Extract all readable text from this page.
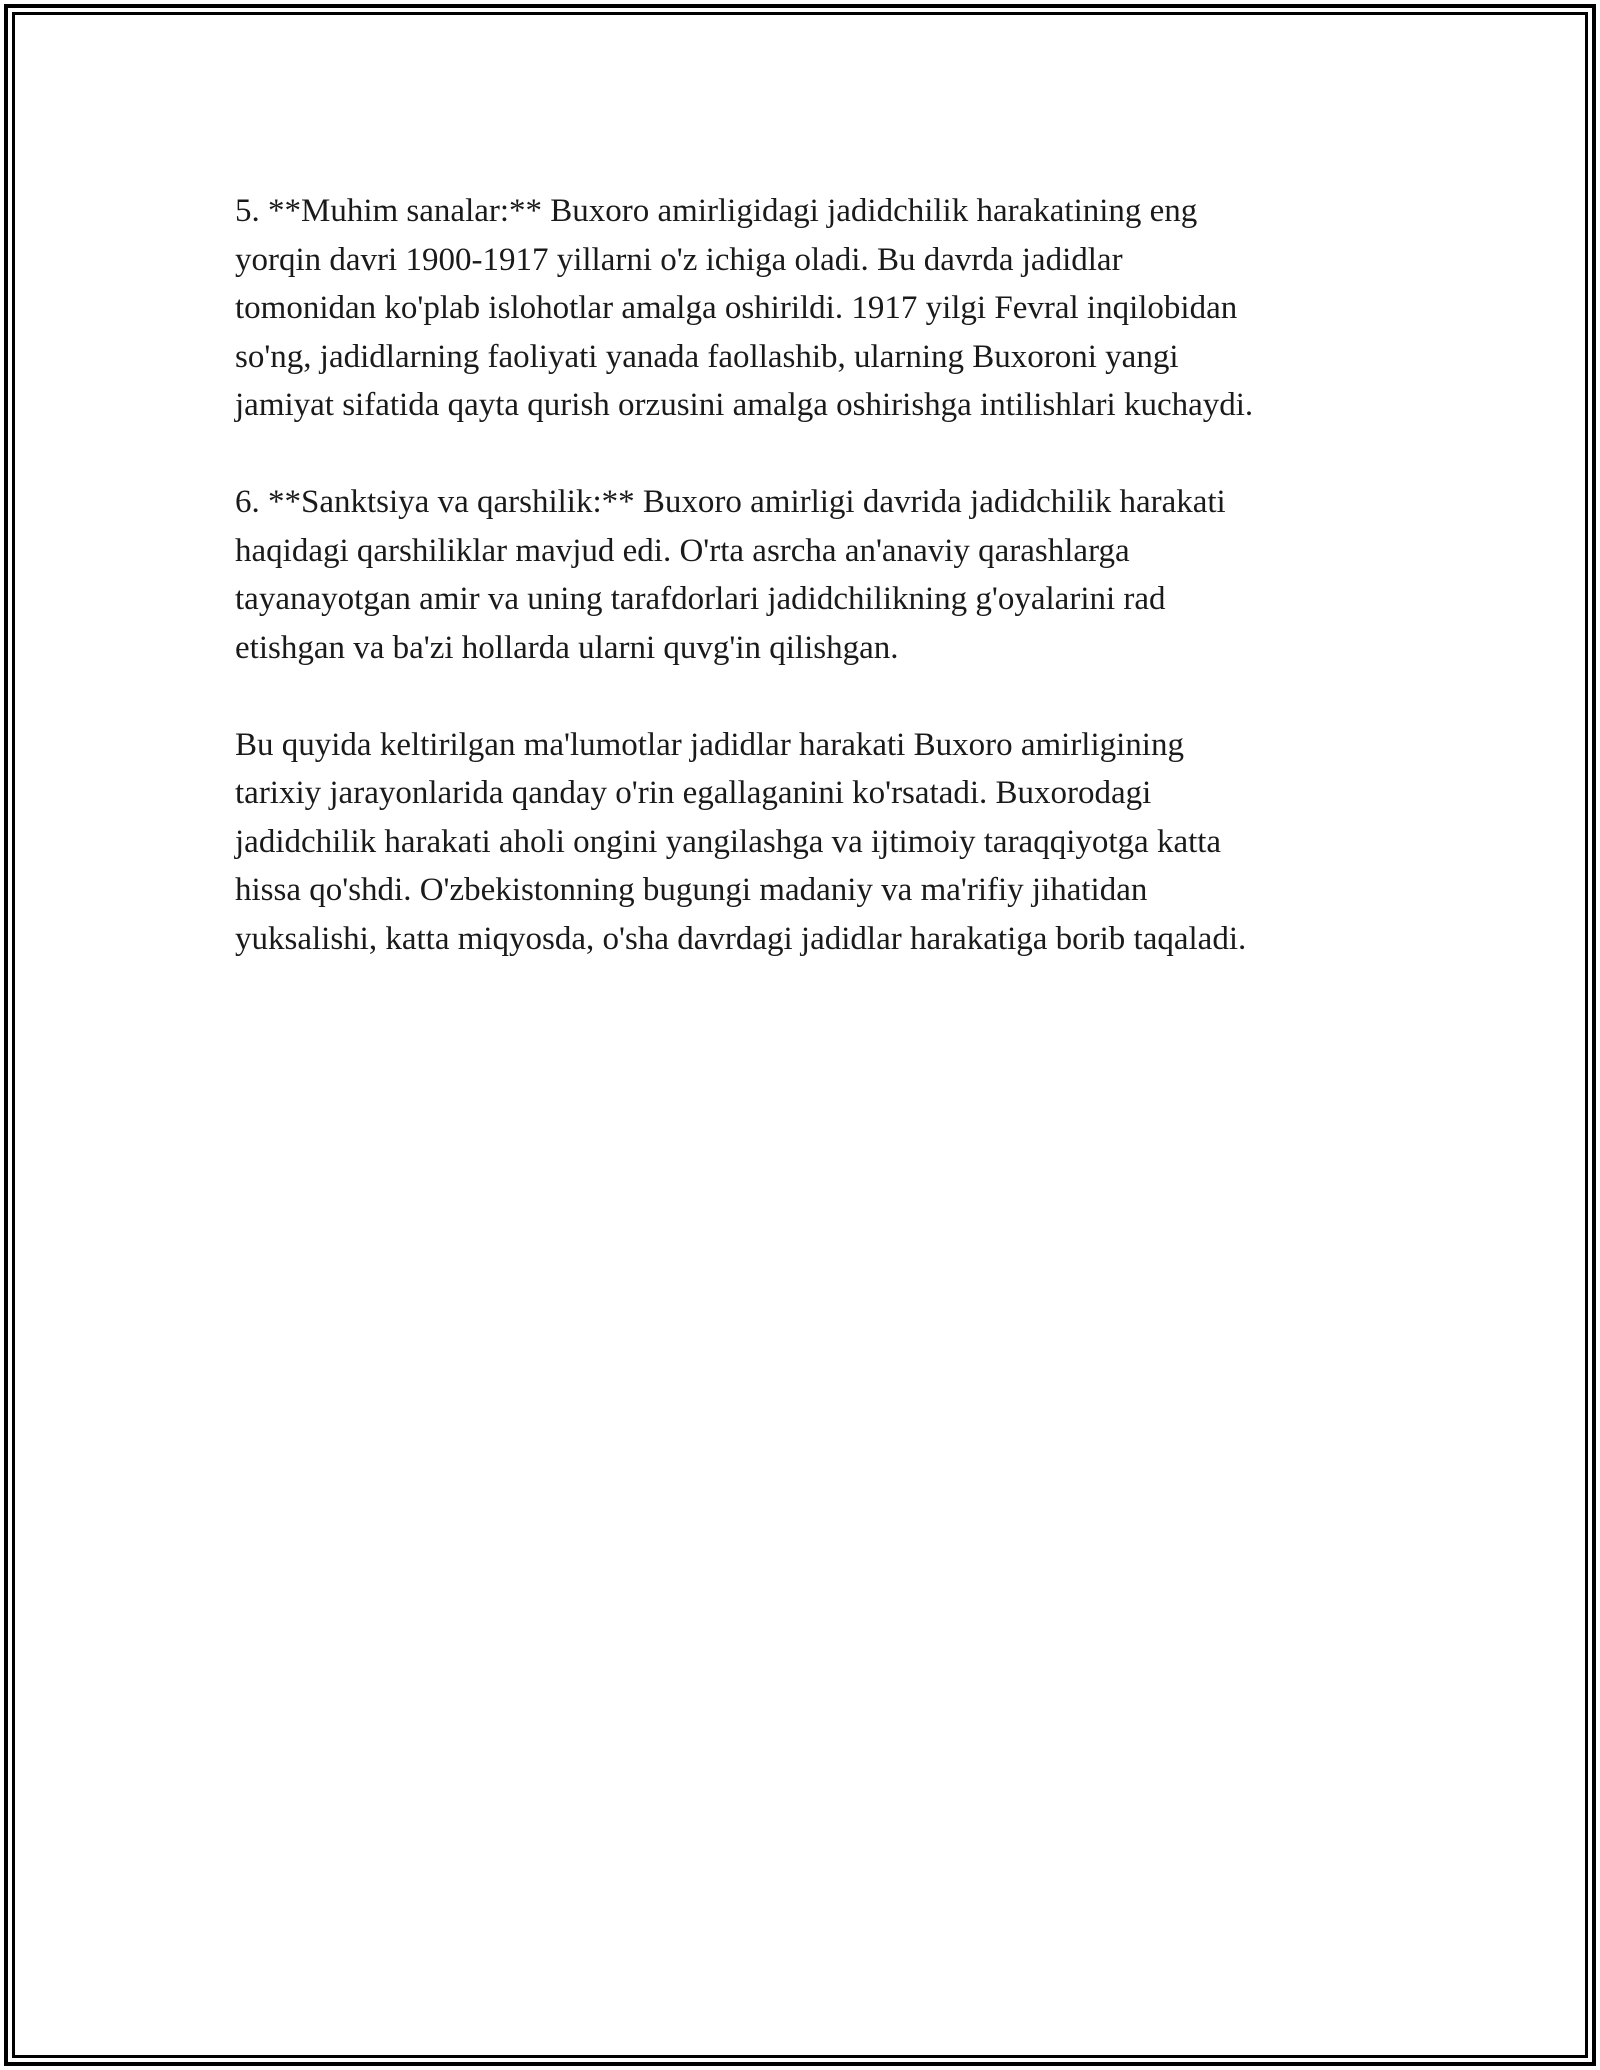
5. **Muhim sanalar:** Buxoro amirligidagi jadidchilik harakatining eng
yorqin davri 1900-1917 yillarni o'z ichiga oladi. Bu davrda jadidlar
tomonidan ko'plab islohotlar amalga oshirildi. 1917 yilgi Fevral inqilobidan
so'ng, jadidlarning faoliyati yanada faollashib, ularning Buxoroni yangi
jamiyat sifatida qayta qurish orzusini amalga oshirishga intilishlari kuchaydi.

6. **Sanktsiya va qarshilik:** Buxoro amirligi davrida jadidchilik harakati
haqidagi qarshiliklar mavjud edi. O'rta asrcha an'anaviy qarashlarga
tayanayotgan amir va uning tarafdorlari jadidchilikning g'oyalarini rad
etishgan va ba'zi hollarda ularni quvg'in qilishgan.

Bu quyida keltirilgan ma'lumotlar jadidlar harakati Buxoro amirligining
tarixiy jarayonlarida qanday o'rin egallaganini ko'rsatadi. Buxorodagi
jadidchilik harakati aholi ongini yangilashga va ijtimoiy taraqqiyotga katta
hissa qo'shdi. O'zbekistonning bugungi madaniy va ma'rifiy jihatidan
yuksalishi, katta miqyosda, o'sha davrdagi jadidlar harakatiga borib taqaladi.
